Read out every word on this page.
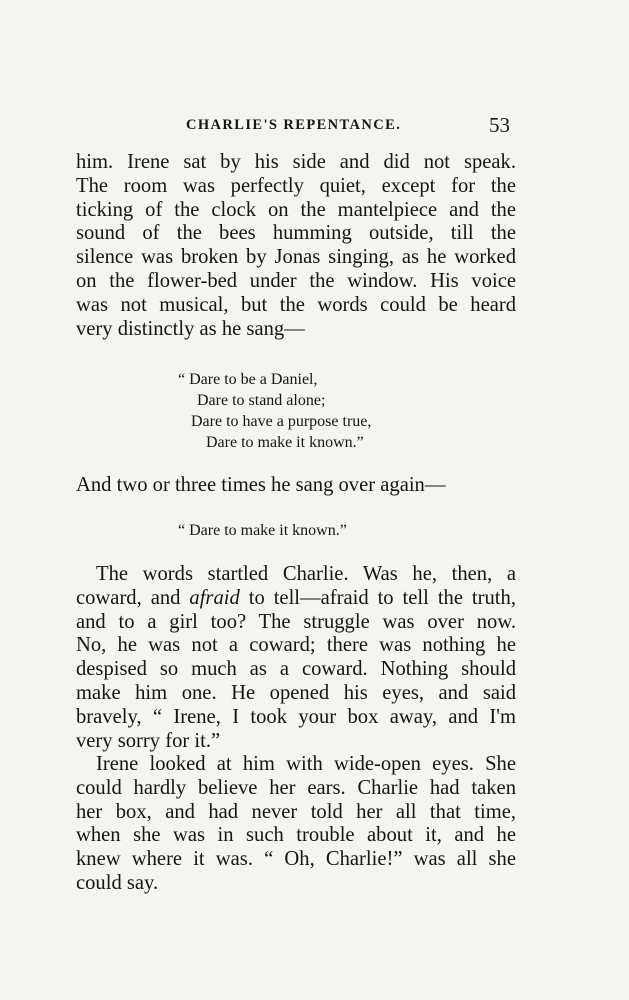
CHARLIE'S REPENTANCE.	53
him. Irene sat by his side and did not speak.
The room was perfectly quiet, except for the
ticking of the clock on the mantelpiece and the
sound of the bees humming outside, till the
silence was broken by Jonas singing, as he worked
on the flower-bed under the window. His voice
was not musical, but the words could be heard
very distinctly as he sang—
“ Dare to be a Daniel,
Dare to stand alone;
Dare to have a purpose true,
Dare to make it known.”
And two or three times he sang over again—
“ Dare to make it known.”
The words startled Charlie. Was he, then, a
coward, and afraid to tell—afraid to tell the truth,
and to a girl too? The struggle was over now.
No, he was not a coward; there was nothing he
despised so much as a coward. Nothing should
make him one. He opened his eyes, and said
bravely, “ Irene, I took your box away, and I'm
very sorry for it.”
Irene looked at him with wide-open eyes. She
could hardly believe her ears. Charlie had taken
her box, and had never told her all that time,
when she was in such trouble about it, and he
knew where it was. “ Oh, Charlie!” was all she
could say.
